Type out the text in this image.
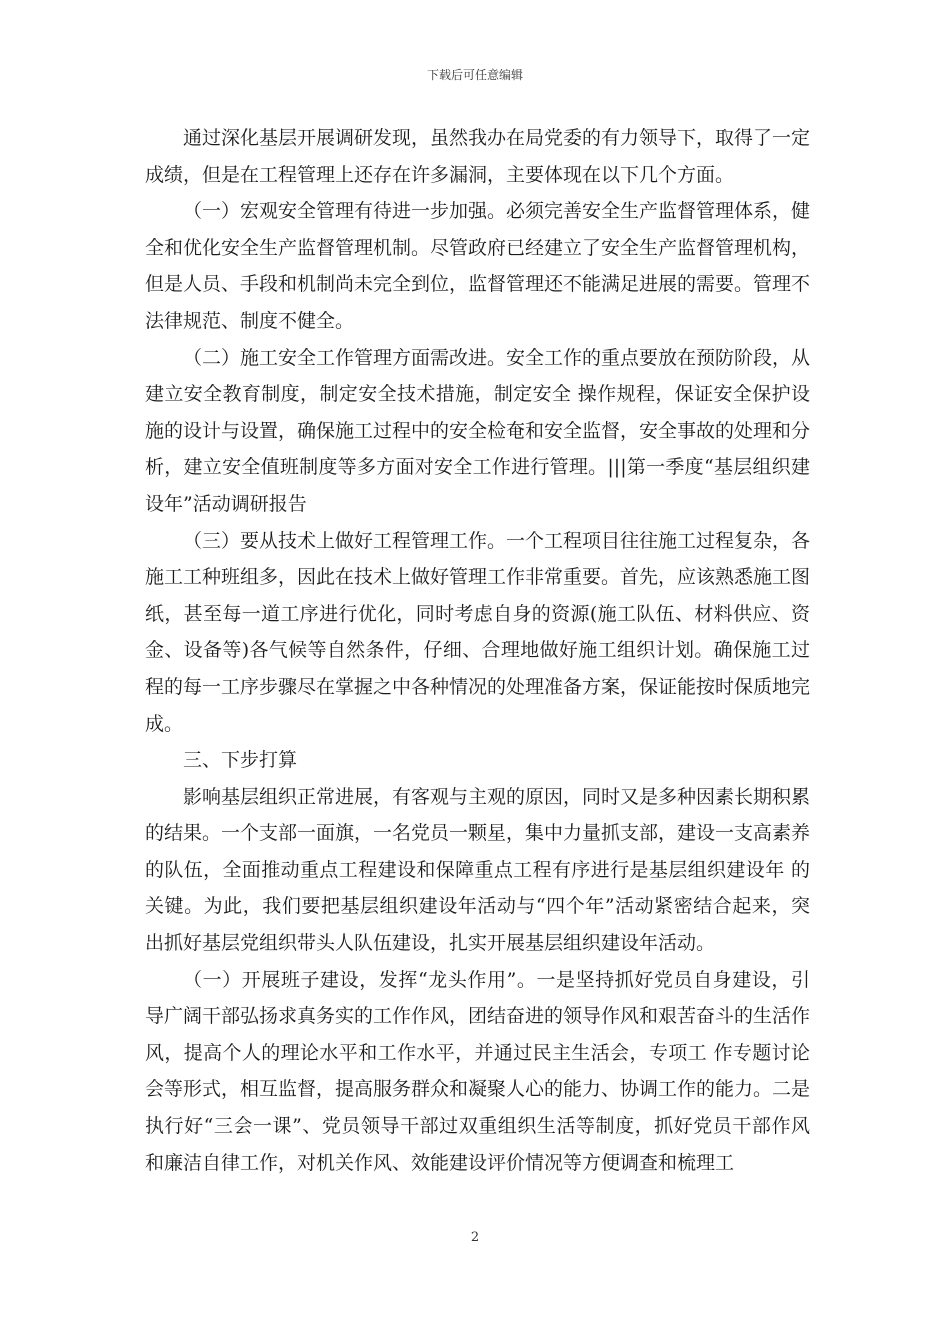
下载后可任意编辑

通过深化基层开展调研发现，虽然我办在局党委的有力领导下，取得了一定成绩，但是在工程管理上还存在许多漏洞，主要体现在以下几个方面。

（一）宏观安全管理有待进一步加强。必须完善安全生产监督管理体系，健全和优化安全生产监督管理机制。尽管政府已经建立了安全生产监督管理机构，但是人员、手段和机制尚未完全到位，监督管理还不能满足进展的需要。管理不法律规范、制度不健全。

（二）施工安全工作管理方面需改进。安全工作的重点要放在预防阶段，从建立安全教育制度，制定安全技术措施，制定安全 操作规程，保证安全保护设施的设计与设置，确保施工过程中的安全检奄和安全监督，安全事故的处理和分析，建立安全值班制度等多方面对安全工作进行管理。|||第一季度“基层组织建设年”活动调研报告

（三）要从技术上做好工程管理工作。一个工程项目往往施工过程复杂，各施工工种班组多，因此在技术上做好管理工作非常重要。首先，应该熟悉施工图纸，甚至每一道工序进行优化，同时考虑自身的资源(施工队伍、材料供应、资金、设备等)各气候等自然条件，仔细、合理地做好施工组织计划。确保施工过程的每一工序步骤尽在掌握之中各种情况的处理准备方案，保证能按时保质地完成。

三、下步打算

影响基层组织正常进展，有客观与主观的原因，同时又是多种因素长期积累的结果。一个支部一面旗，一名党员一颗星，集中力量抓支部，建设一支高素养的队伍，全面推动重点工程建设和保障重点工程有序进行是基层组织建设年 的关键。为此，我们要把基层组织建设年活动与“四个年”活动紧密结合起来，突出抓好基层党组织带头人队伍建设，扎实开展基层组织建设年活动。

（一）开展班子建设，发挥“龙头作用”。一是坚持抓好党员自身建设，引导广阔干部弘扬求真务实的工作作风，团结奋进的领导作风和艰苦奋斗的生活作风，提高个人的理论水平和工作水平，并通过民主生活会，专项工 作专题讨论会等形式，相互监督，提高服务群众和凝聚人心的能力、协调工作的能力。二是执行好“三会一课”、党员领导干部过双重组织生活等制度，抓好党员干部作风和廉洁自律工作，对机关作风、效能建设评价情况等方便调查和梳理工

2
